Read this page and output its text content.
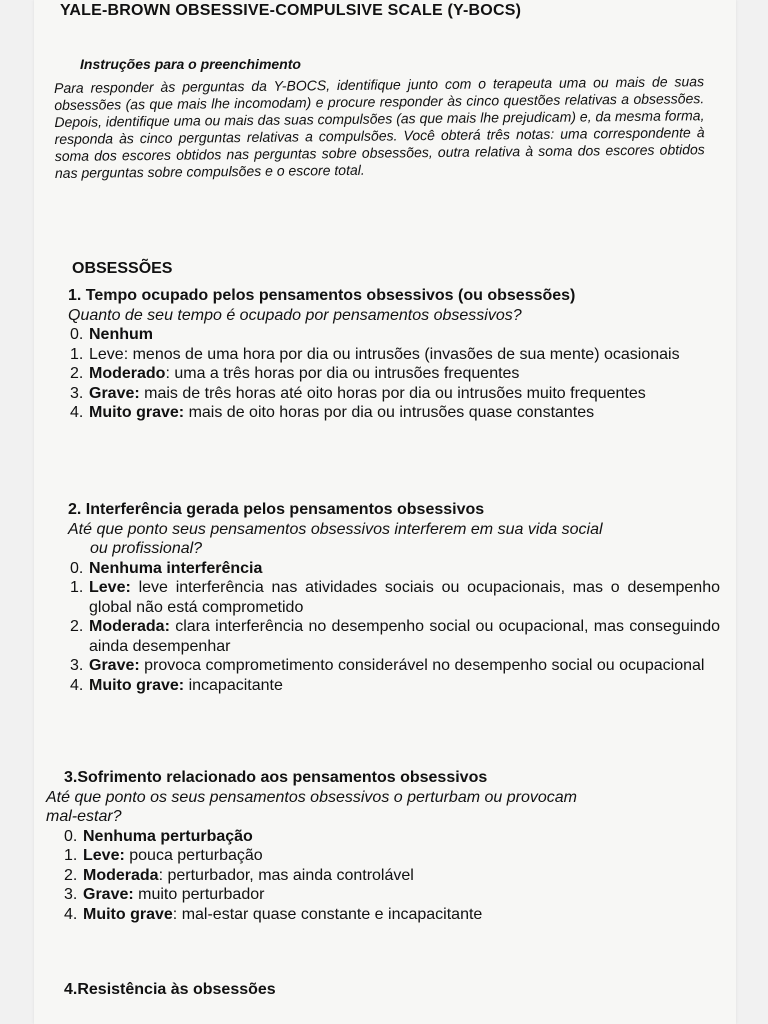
YALE-BROWN OBSESSIVE-COMPULSIVE SCALE (Y-BOCS)
Instruções para o preenchimento

Para responder às perguntas da Y-BOCS, identifique junto com o terapeuta uma ou mais de suas obsessões (as que mais lhe incomodam) e procure responder às cinco questões relativas a obsessões. Depois, identifique uma ou mais das suas compulsões (as que mais lhe prejudicam) e, da mesma forma, responda às cinco perguntas relativas a compulsões. Você obterá três notas: uma correspondente à soma dos escores obtidos nas perguntas sobre obsessões, outra relativa à soma dos escores obtidos nas perguntas sobre compulsões e o escore total.

OBSESSÕES

1. Tempo ocupado pelos pensamentos obsessivos (ou obsessões)

Quanto de seu tempo é ocupado por pensamentos obsessivos?

0. Nenhum
1. Leve: menos de uma hora por dia ou intrusões (invasões de sua mente) ocasionais
2. Moderado: uma a três horas por dia ou intrusões frequentes
3. Grave: mais de três horas até oito horas por dia ou intrusões muito frequentes
4. Muito grave: mais de oito horas por dia ou intrusões quase constantes

2. Interferência gerada pelos pensamentos obsessivos

Até que ponto seus pensamentos obsessivos interferem em sua vida social
ou profissional?

0. Nenhuma interferência
1. Leve: leve interferência nas atividades sociais ou ocupacionais, mas o desempenho global não está comprometido
2. Moderada: clara interferência no desempenho social ou ocupacional, mas conseguindo ainda desempenhar
3. Grave: provoca comprometimento considerável no desempenho social ou ocupacional
4. Muito grave: incapacitante

3.Sofrimento relacionado aos pensamentos obsessivos

Até que ponto os seus pensamentos obsessivos o perturbam ou provocam
mal-estar?

0. Nenhuma perturbação
1. Leve: pouca perturbação
2. Moderada: perturbador, mas ainda controlável
3. Grave: muito perturbador
4. Muito grave: mal-estar quase constante e incapacitante

4.Resistência às obsessões
